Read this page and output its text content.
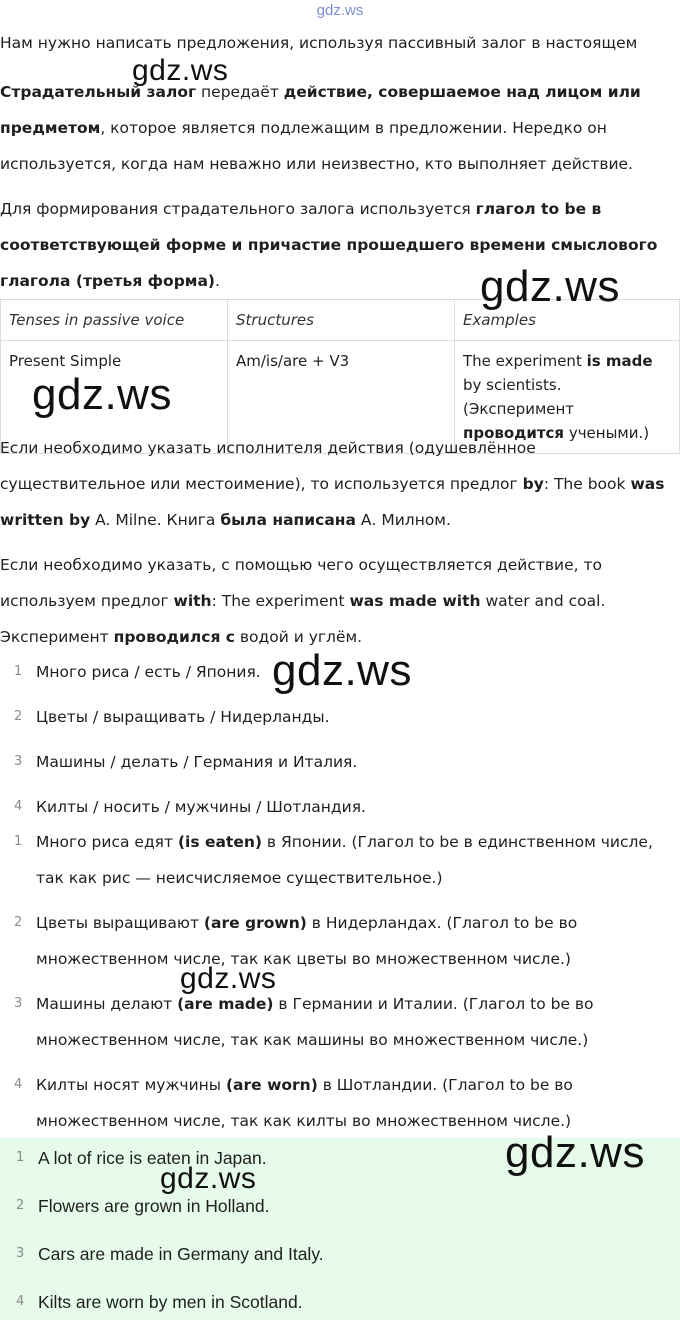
gdz.ws

Нам нужно написать предложения, используя пассивный залог в настоящем

Страдательный залог передаёт действие, совершаемое над лицом или предметом, которое является подлежащим в предложении. Нередко он используется, когда нам неважно или неизвестно, кто выполняет действие.

Для формирования страдательного залога используется глагол to be в соответствующей форме и причастие прошедшего времени смыслового глагола (третья форма).

Tenses in passive voice	Structures	Examples
Present Simple	Am/is/are + V3	The experiment is made by scientists. (Эксперимент проводится учеными.)

Если необходимо указать исполнителя действия (одушевлённое существительное или местоимение), то используется предлог by: The book was written by A. Milne. Книга была написана А. Милном.

Если необходимо указать, с помощью чего осуществляется действие, то используем предлог with: The experiment was made with water and coal. Эксперимент проводился с водой и углём.

1 Много риса / есть / Япония.
2 Цветы / выращивать / Нидерланды.
3 Машины / делать / Германия и Италия.
4 Килты / носить / мужчины / Шотландия.
1 Много риса едят (is eaten) в Японии. (Глагол to be в единственном числе, так как рис — неисчисляемое существительное.)
2 Цветы выращивают (are grown) в Нидерландах. (Глагол to be во множественном числе, так как цветы во множественном числе.)
3 Машины делают (are made) в Германии и Италии. (Глагол to be во множественном числе, так как машины во множественном числе.)
4 Килты носят мужчины (are worn) в Шотландии. (Глагол to be во множественном числе, так как килты во множественном числе.)
1 A lot of rice is eaten in Japan.
2 Flowers are grown in Holland.
3 Cars are made in Germany and Italy.
4 Kilts are worn by men in Scotland.
gdz.ws
gdz.ws
gdz.ws
gdz.ws
gdz.ws
gdz.ws
gdz.ws
